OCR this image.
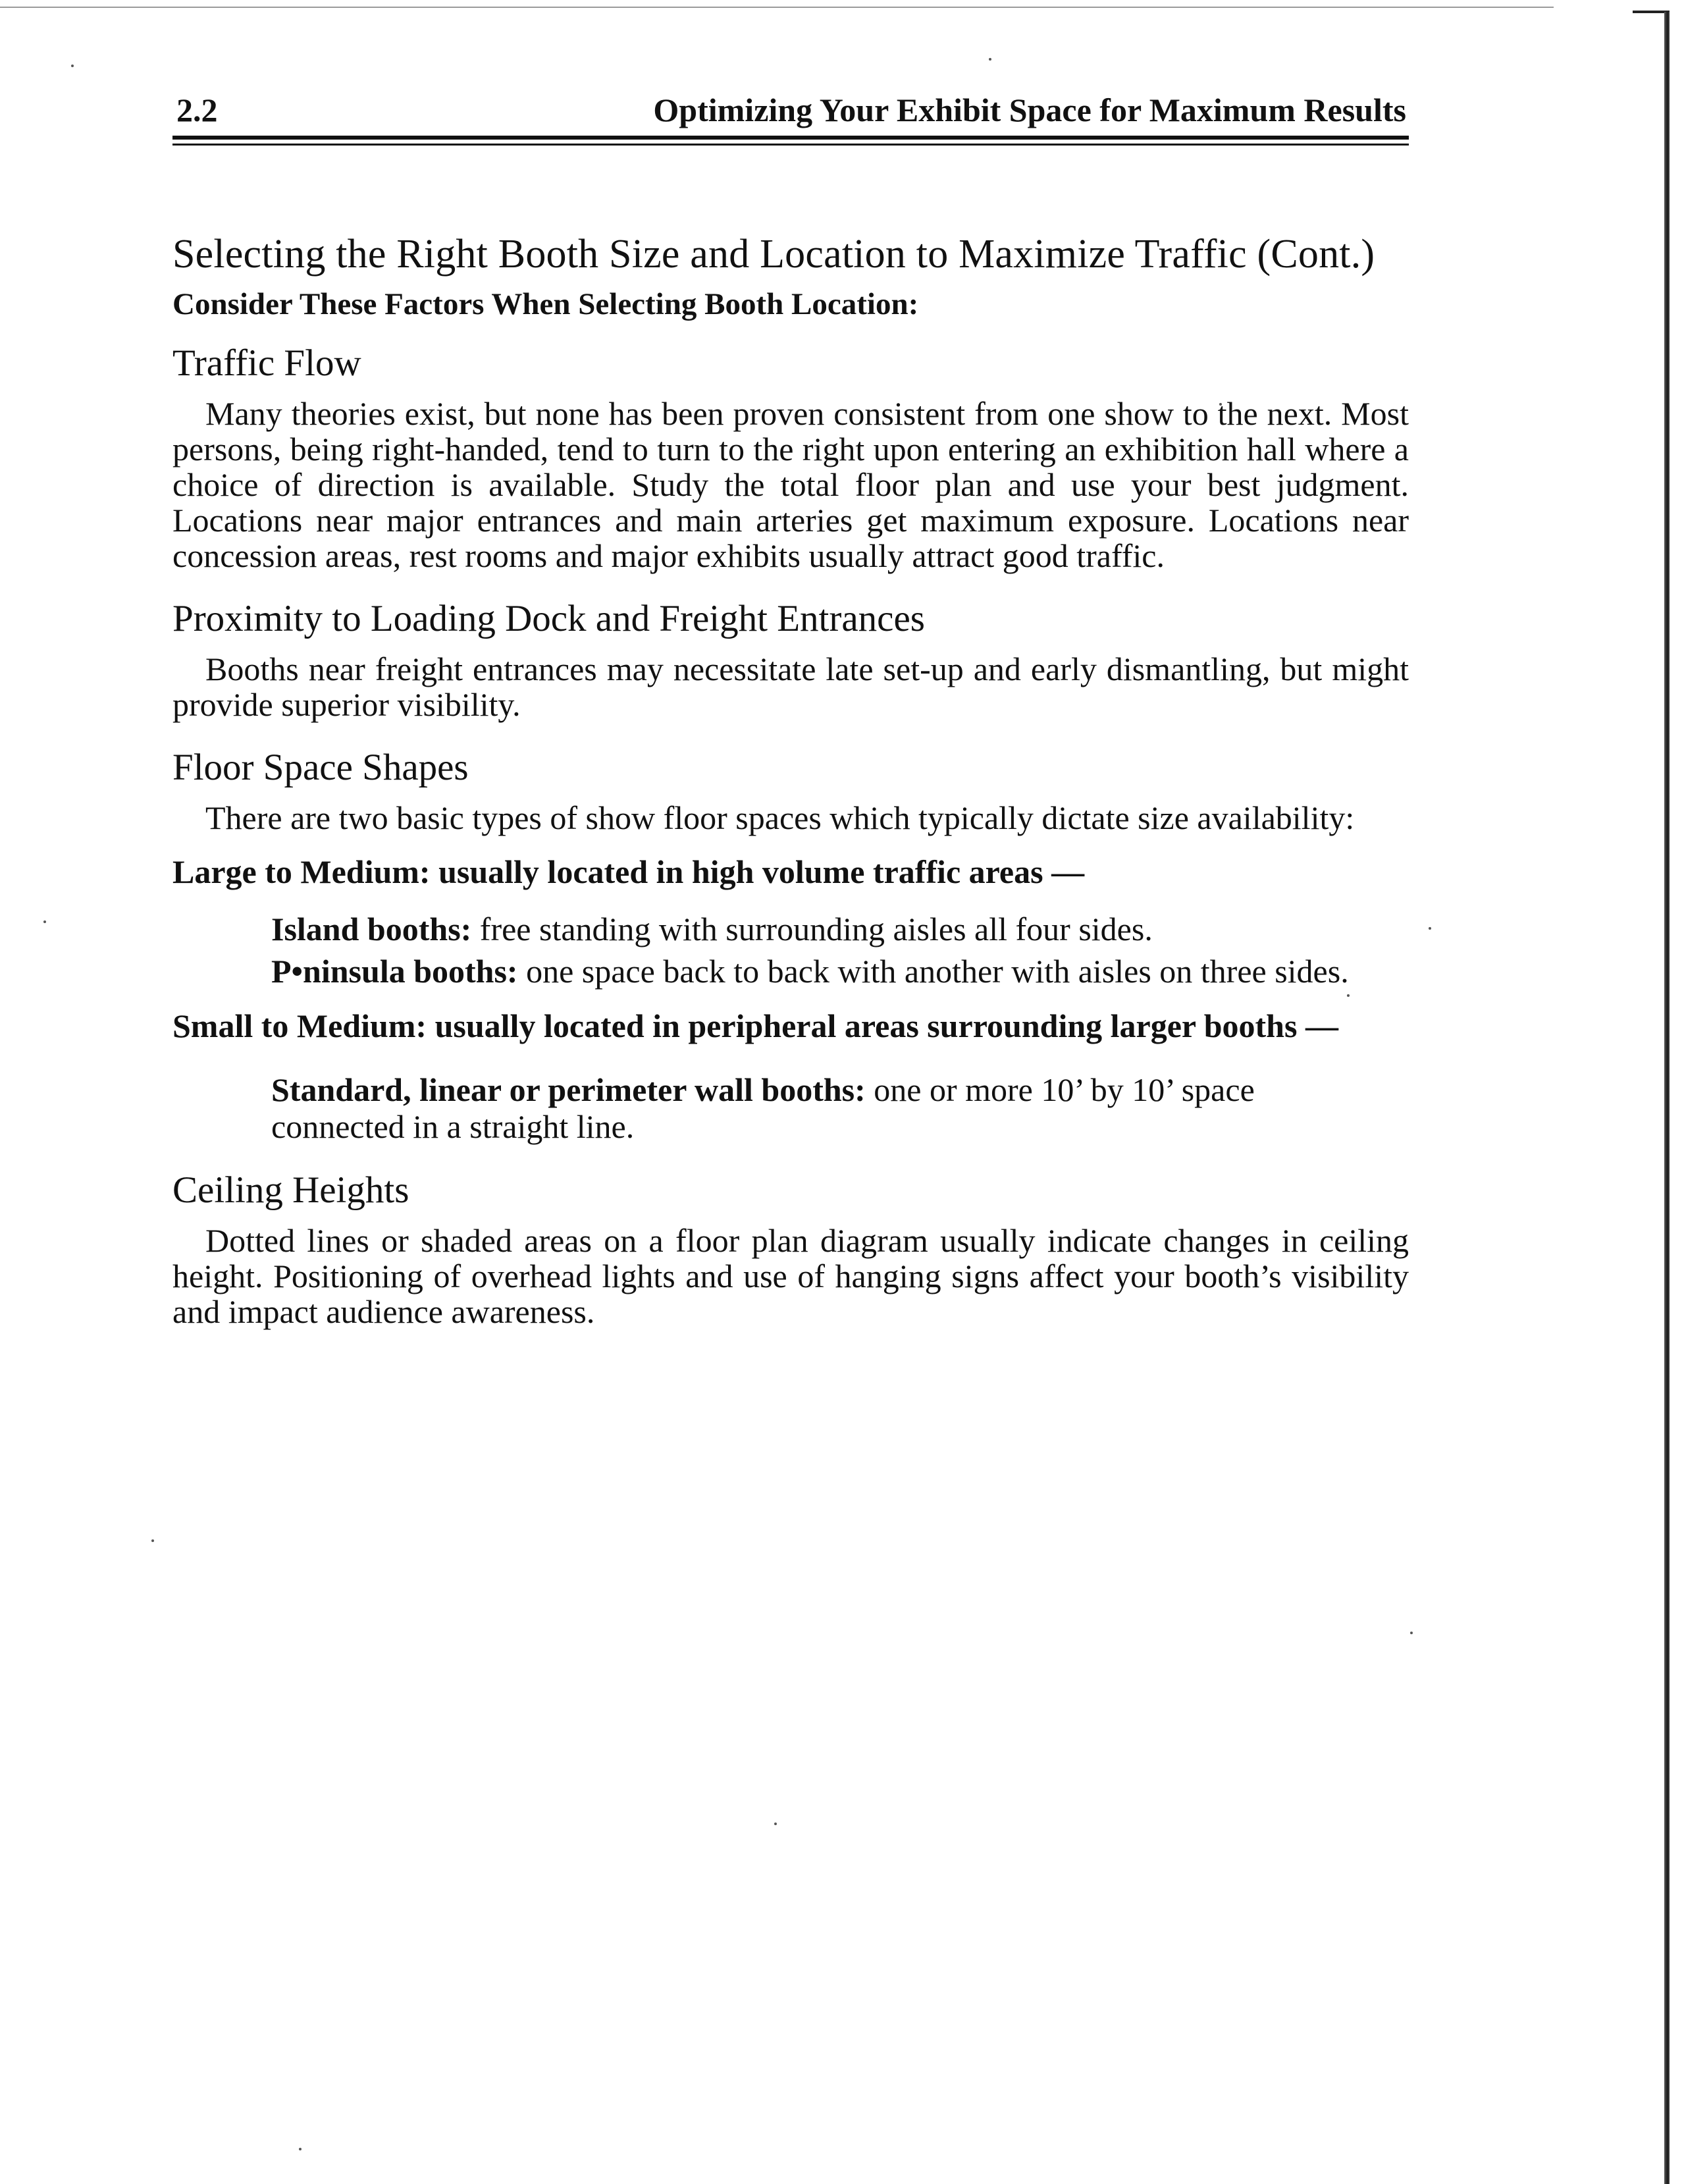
2.2	Optimizing Your Exhibit Space for Maximum Results
Selecting the Right Booth Size and Location to Maximize Traffic (Cont.)

Consider These Factors When Selecting Booth Location:

Traffic Flow

Many theories exist, but none has been proven consistent from one show to the next. Most persons, being right-handed, tend to turn to the right upon entering an exhibition hall where a choice of direction is available. Study the total floor plan and use your best judgment. Locations near major entrances and main arteries get maximum exposure. Locations near concession areas, rest rooms and major exhibits usually attract good traffic.

Proximity to Loading Dock and Freight Entrances

Booths near freight entrances may necessitate late set-up and early dismantling, but might provide superior visibility.

Floor Space Shapes

There are two basic types of show floor spaces which typically dictate size availability:

Large to Medium: usually located in high volume traffic areas —

Island booths: free standing with surrounding aisles all four sides.

P•ninsula booths: one space back to back with another with aisles on three sides.

Small to Medium: usually located in peripheral areas surrounding larger booths —

Standard, linear or perimeter wall booths: one or more 10’ by 10’ space connected in a straight line.

Ceiling Heights

Dotted lines or shaded areas on a floor plan diagram usually indicate changes in ceiling height. Positioning of overhead lights and use of hanging signs affect your booth’s visibility and impact audience awareness.
